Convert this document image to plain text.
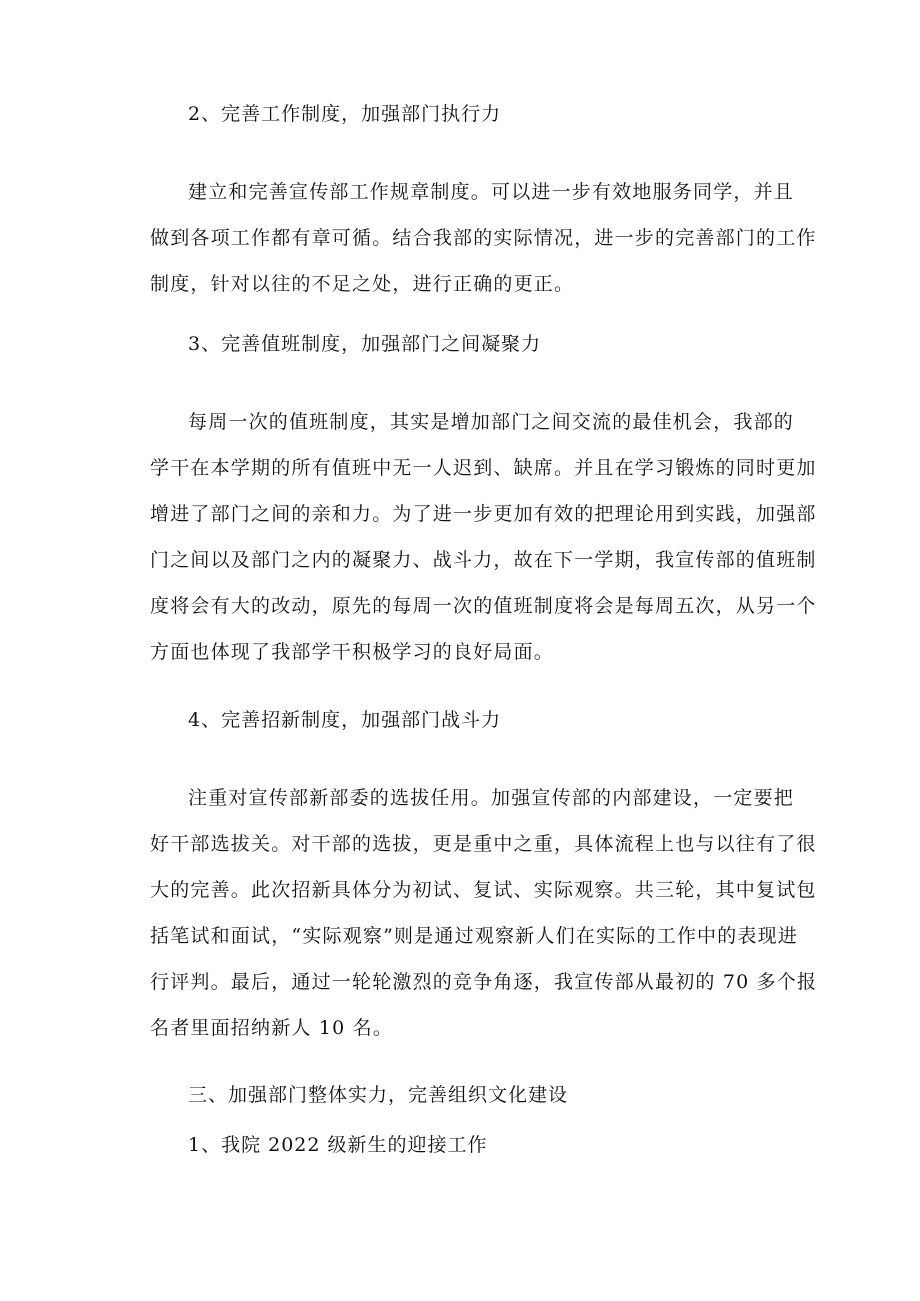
2、完善工作制度，加强部门执行力
建立和完善宣传部工作规章制度。可以进一步有效地服务同学，并且
做到各项工作都有章可循。结合我部的实际情况，进一步的完善部门的工作
制度，针对以往的不足之处，进行正确的更正。
3、完善值班制度，加强部门之间凝聚力
每周一次的值班制度，其实是增加部门之间交流的最佳机会，我部的
学干在本学期的所有值班中无一人迟到、缺席。并且在学习锻炼的同时更加
增进了部门之间的亲和力。为了进一步更加有效的把理论用到实践，加强部
门之间以及部门之内的凝聚力、战斗力，故在下一学期，我宣传部的值班制
度将会有大的改动，原先的每周一次的值班制度将会是每周五次，从另一个
方面也体现了我部学干积极学习的良好局面。
4、完善招新制度，加强部门战斗力
注重对宣传部新部委的选拔任用。加强宣传部的内部建设，一定要把
好干部选拔关。对干部的选拔，更是重中之重，具体流程上也与以往有了很
大的完善。此次招新具体分为初试、复试、实际观察。共三轮，其中复试包
括笔试和面试，“实际观察”则是通过观察新人们在实际的工作中的表现进
行评判。最后，通过一轮轮激烈的竞争角逐，我宣传部从最初的 70 多个报
名者里面招纳新人 10 名。
三、加强部门整体实力，完善组织文化建设
1、我院 2022 级新生的迎接工作
